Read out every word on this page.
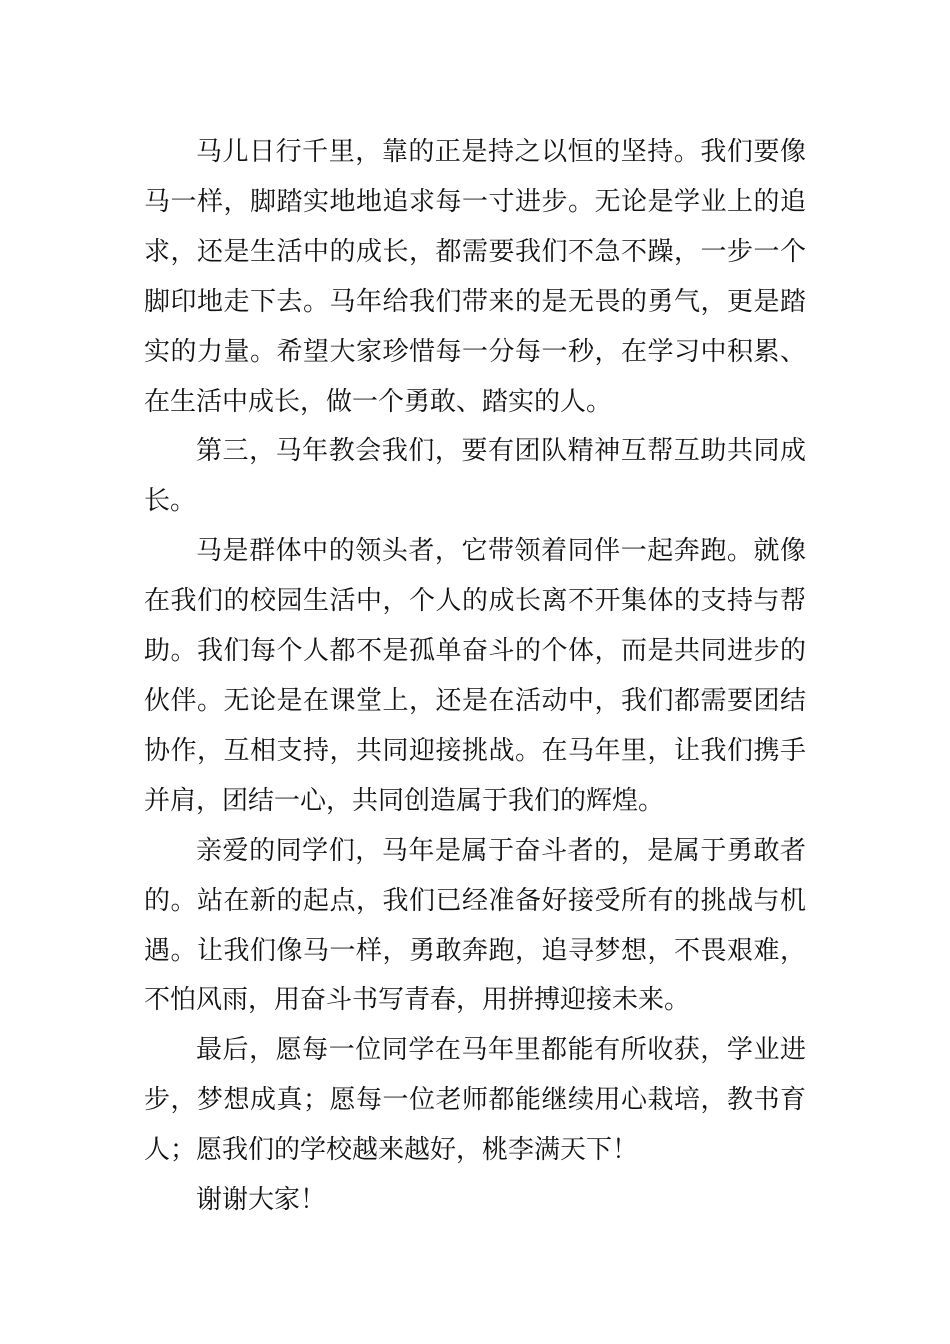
马儿日行千里，靠的正是持之以恒的坚持。我们要像马一样，脚踏实地地追求每一寸进步。无论是学业上的追求，还是生活中的成长，都需要我们不急不躁，一步一个脚印地走下去。马年给我们带来的是无畏的勇气，更是踏实的力量。希望大家珍惜每一分每一秒，在学习中积累、在生活中成长，做一个勇敢、踏实的人。

第三，马年教会我们，要有团队精神互帮互助共同成长。

马是群体中的领头者，它带领着同伴一起奔跑。就像在我们的校园生活中，个人的成长离不开集体的支持与帮助。我们每个人都不是孤单奋斗的个体，而是共同进步的伙伴。无论是在课堂上，还是在活动中，我们都需要团结协作，互相支持，共同迎接挑战。在马年里，让我们携手并肩，团结一心，共同创造属于我们的辉煌。

亲爱的同学们，马年是属于奋斗者的，是属于勇敢者的。站在新的起点，我们已经准备好接受所有的挑战与机遇。让我们像马一样，勇敢奔跑，追寻梦想，不畏艰难，不怕风雨，用奋斗书写青春，用拼搏迎接未来。

最后，愿每一位同学在马年里都能有所收获，学业进步，梦想成真；愿每一位老师都能继续用心栽培，教书育人；愿我们的学校越来越好，桃李满天下！

谢谢大家！
